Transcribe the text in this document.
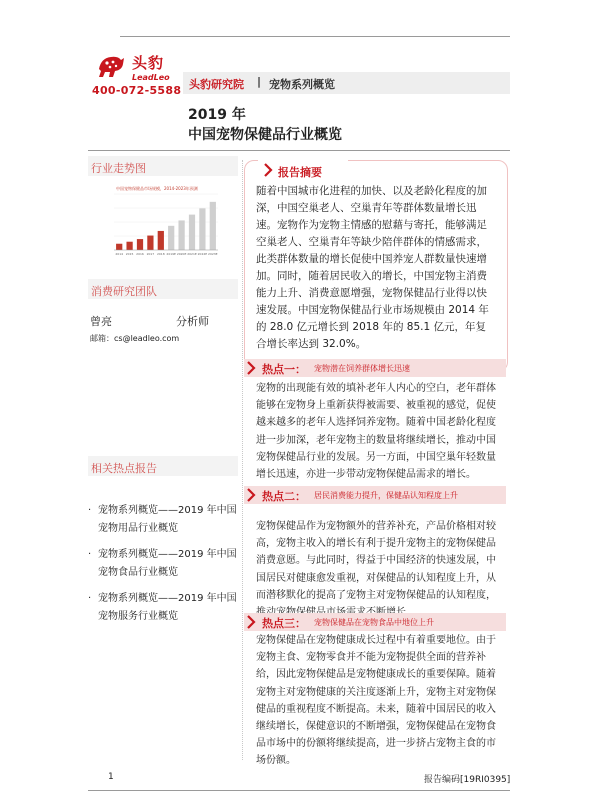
头豹
LeadLeo
400-072-5588 头豹研究院 | 宠物系列概览
2019 年
中国宠物保健品行业概览
行业走势图
中国宠物保健品市场规模，2014-2023年预测
2014 2015 2016 2017 2018 2019E 2020E 2021E 2022E 2023E
消费研究团队
曾亮	分析师
邮箱：cs@leadleo.com
相关热点报告
· 宠物系列概览——2019 年中国宠物用品行业概览
· 宠物系列概览——2019 年中国宠物食品行业概览
· 宠物系列概览——2019 年中国宠物服务行业概览
报告摘要
随着中国城市化进程的加快、以及老龄化程度的加深，中国空巢老人、空巢青年等群体数量增长迅速。宠物作为宠物主情感的慰藉与寄托，能够满足空巢老人、空巢青年等缺少陪伴群体的情感需求，此类群体数量的增长促使中国养宠人群数量快速增加。同时，随着居民收入的增长，中国宠物主消费能力上升、消费意愿增强，宠物保健品行业得以快速发展。中国宠物保健品行业市场规模由 2014 年的 28.0 亿元增长到 2018 年的 85.1 亿元，年复合增长率达到 32.0%。
热点一： 宠物潜在饲养群体增长迅速
宠物的出现能有效的填补老年人内心的空白，老年群体能够在宠物身上重新获得被需要、被重视的感觉，促使越来越多的老年人选择饲养宠物。随着中国老龄化程度进一步加深，老年宠物主的数量将继续增长，推动中国宠物保健品行业的发展。另一方面，中国空巢年轻数量增长迅速，亦进一步带动宠物保健品需求的增长。
热点二： 居民消费能力提升，保健品认知程度上升
宠物保健品作为宠物额外的营养补充，产品价格相对较高，宠物主收入的增长有利于提升宠物主的宠物保健品消费意愿。与此同时，得益于中国经济的快速发展，中国居民对健康愈发重视，对保健品的认知程度上升，从而潜移默化的提高了宠物主对宠物保健品的认知程度，
热点三： 宠物保健品在宠物食品中地位上升
宠物保健品在宠物健康成长过程中有着重要地位。由于宠物主食、宠物零食并不能为宠物提供全面的营养补给，因此宠物保健品是宠物健康成长的重要保障。随着宠物主对宠物健康的关注度逐渐上升，宠物主对宠物保健品的重视程度不断提高。未来，随着中国居民的收入继续增长，保健意识的不断增强，宠物保健品在宠物食品市场中的份额将继续提高，进一步挤占宠物主食的市场份额。
1	报告编码[19RI0395]
